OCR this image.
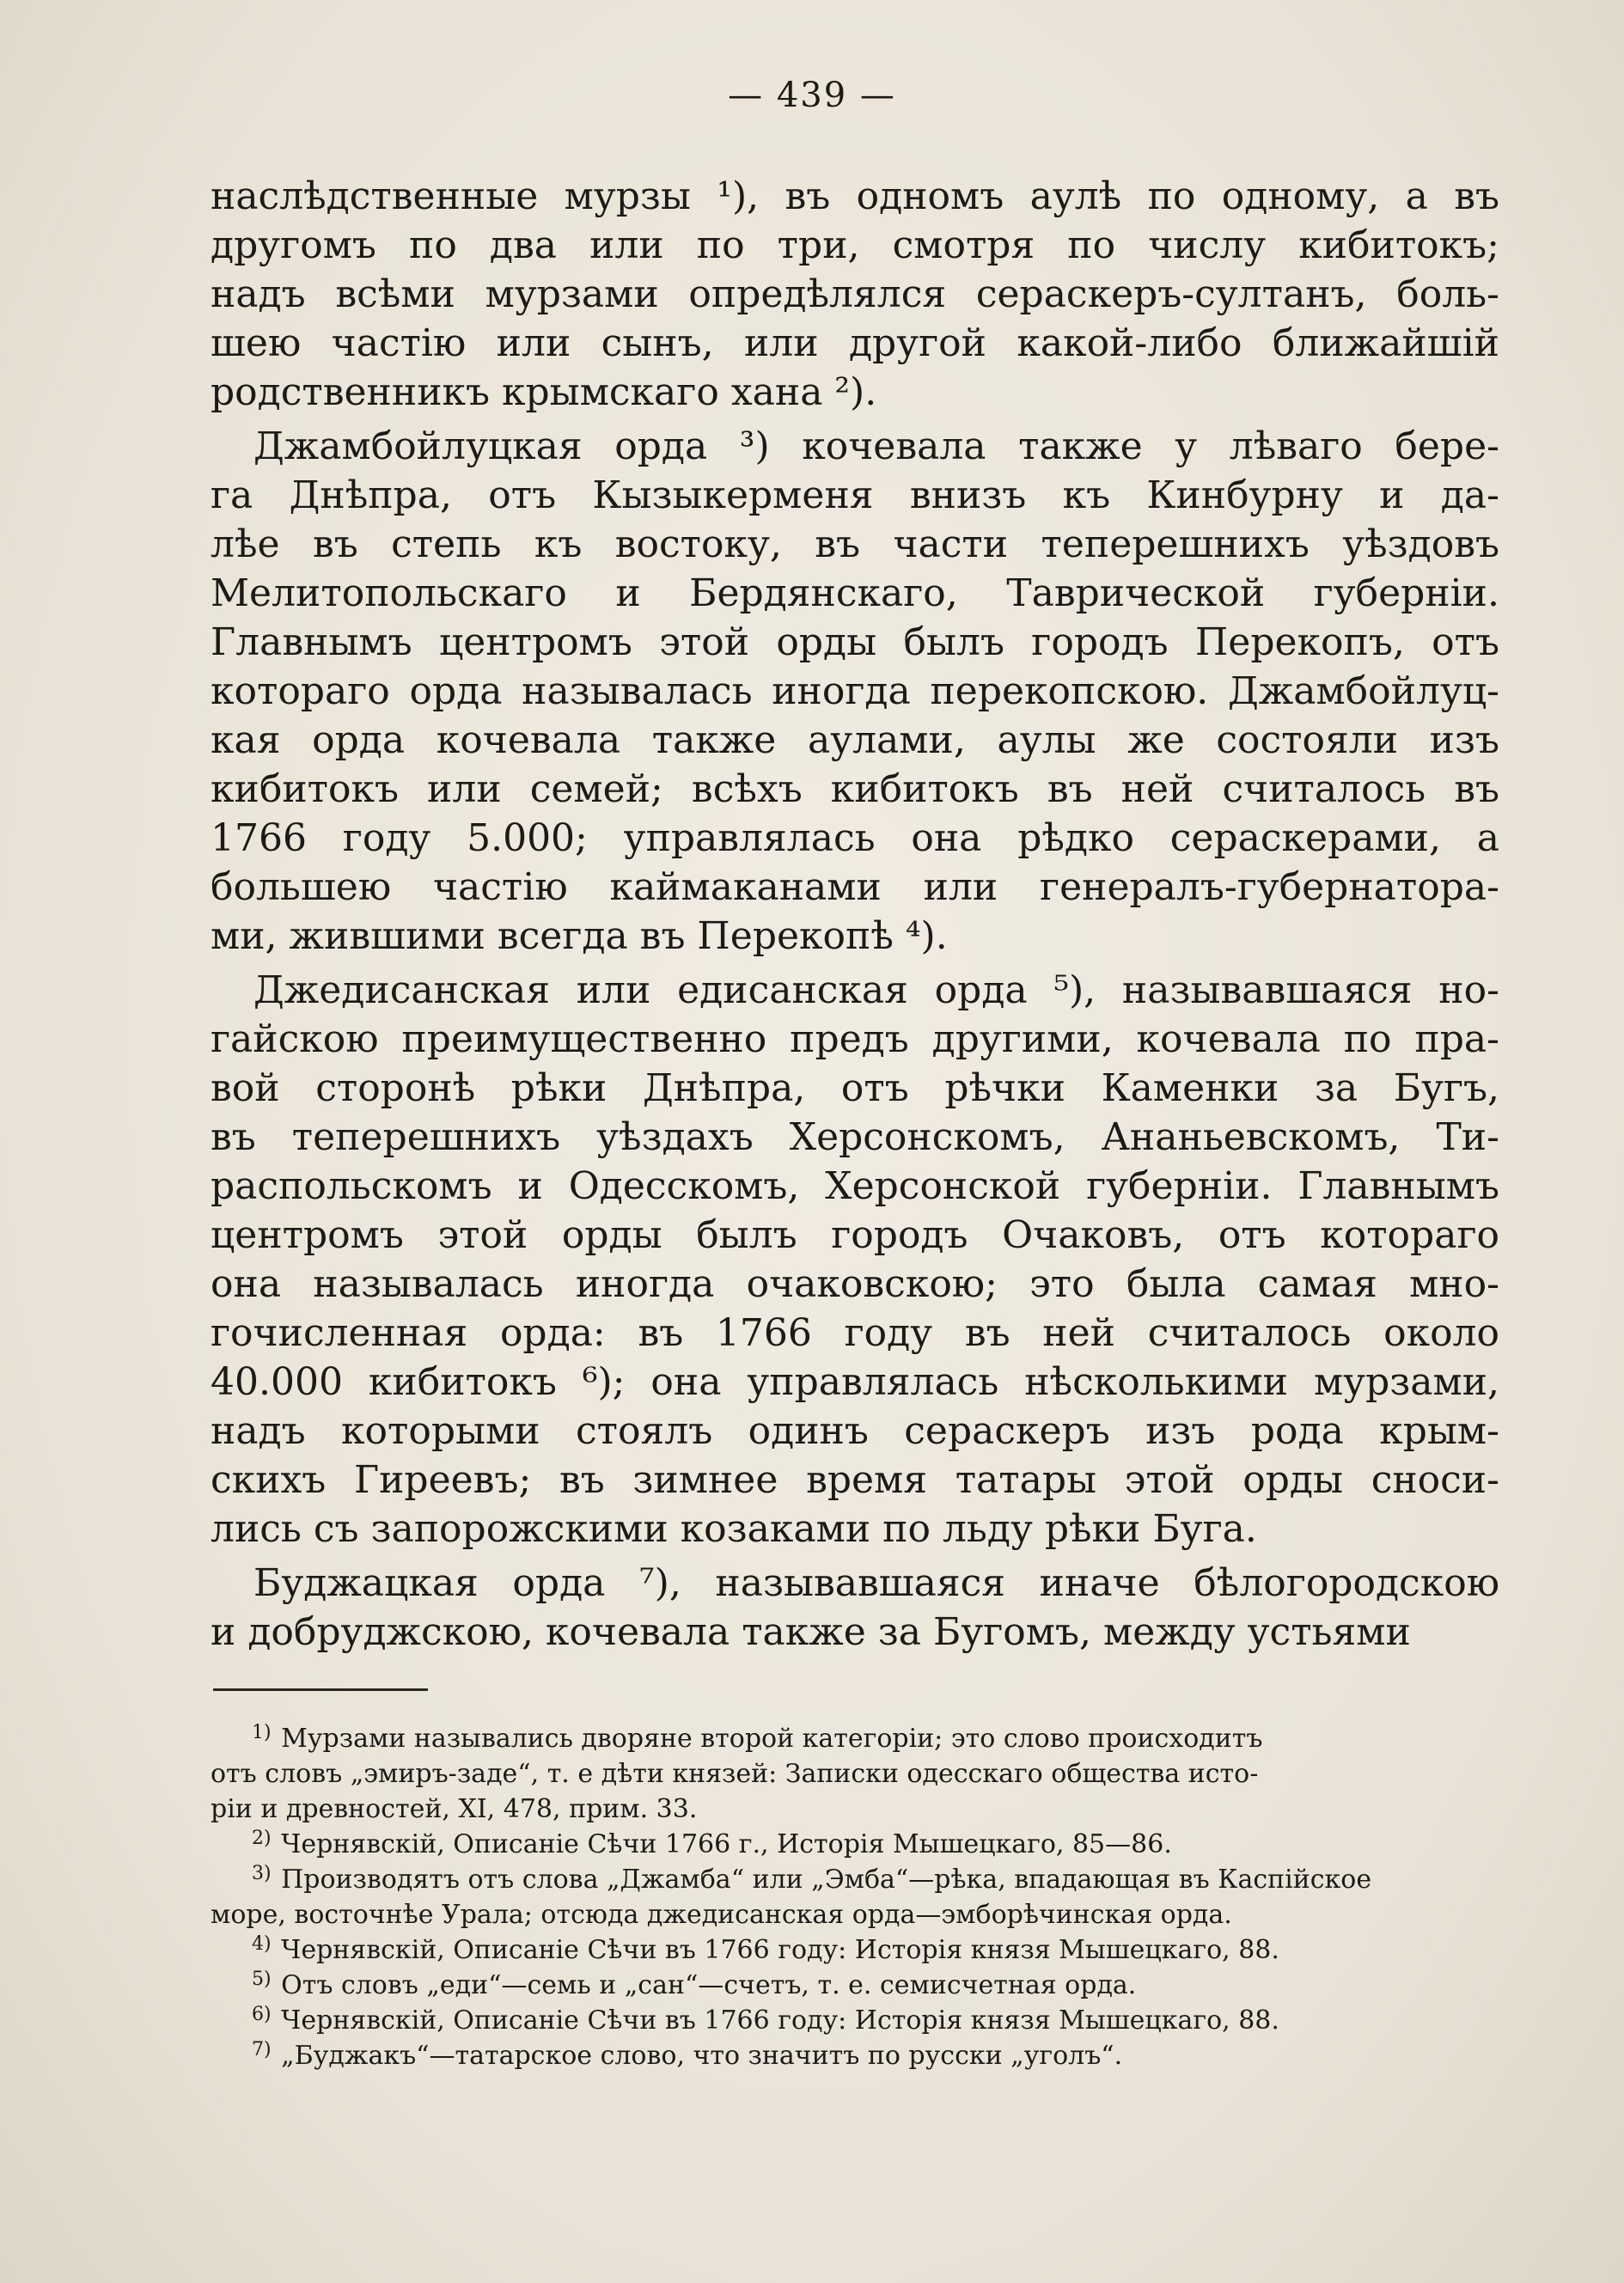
— 439 —
наслѣдственные мурзы ¹), въ одномъ аулѣ по одному, а въ
другомъ по два или по три, смотря по числу кибитокъ;
надъ всѣми мурзами опредѣлялся сераскеръ-султанъ, боль-
шею частію или сынъ, или другой какой-либо ближайшій
родственникъ крымскаго хана ²).
Джамбойлуцкая орда ³) кочевала также у лѣваго бере-
га Днѣпра, отъ Кызыкерменя внизъ къ Кинбурну и да-
лѣе въ степь къ востоку, въ части теперешнихъ уѣздовъ
Мелитопольскаго и Бердянскаго, Таврической губерніи.
Главнымъ центромъ этой орды былъ городъ Перекопъ, отъ
котораго орда называлась иногда перекопскою. Джамбойлуц-
кая орда кочевала также аулами, аулы же состояли изъ
кибитокъ или семей; всѣхъ кибитокъ въ ней считалось въ
1766 году 5.000; управлялась она рѣдко сераскерами, а
большею частію каймаканами или генералъ-губернатора-
ми, жившими всегда въ Перекопѣ ⁴).
Джедисанская или едисанская орда ⁵), называвшаяся но-
гайскою преимущественно предъ другими, кочевала по пра-
вой сторонѣ рѣки Днѣпра, отъ рѣчки Каменки за Бугъ,
въ теперешнихъ уѣздахъ Херсонскомъ, Ананьевскомъ, Ти-
распольскомъ и Одесскомъ, Херсонской губерніи. Главнымъ
центромъ этой орды былъ городъ Очаковъ, отъ котораго
она называлась иногда очаковскою; это была самая мно-
гочисленная орда: въ 1766 году въ ней считалось около
40.000 кибитокъ ⁶); она управлялась нѣсколькими мурзами,
надъ которыми стоялъ одинъ сераскеръ изъ рода крым-
скихъ Гиреевъ; въ зимнее время татары этой орды сноси-
лись съ запорожскими козаками по льду рѣки Буга.
Буджацкая орда ⁷), называвшаяся иначе бѣлогородскою
и добруджскою, кочевала также за Бугомъ, между устьями
$^{1)}$ Мурзами назывались дворяне второй категоріи; это слово происходитъ
отъ словъ „эмиръ-заде“, т. е дѣти князей: Записки одесскаго общества исто-
ріи и древностей, XI, 478, прим. 33.
$^{2)}$ Чернявскій, Описаніе Сѣчи 1766 г., Исторія Мышецкаго, 85—86.
$^{3)}$ Производятъ отъ слова „Джамба“ или „Эмба“—рѣка, впадающая въ Каспійское
море, восточнѣе Урала; отсюда джедисанская орда—эмборѣчинская орда.
$^{4)}$ Чернявскій, Описаніе Сѣчи въ 1766 году: Исторія князя Мышецкаго, 88.
$^{5)}$ Отъ словъ „еди“—семь и „сан“—счетъ, т. е. семисчетная орда.
$^{6)}$ Чернявскій, Описаніе Сѣчи въ 1766 году: Исторія князя Мышецкаго, 88.
$^{7)}$ „Буджакъ“—татарское слово, что значитъ по русски „уголъ“.
